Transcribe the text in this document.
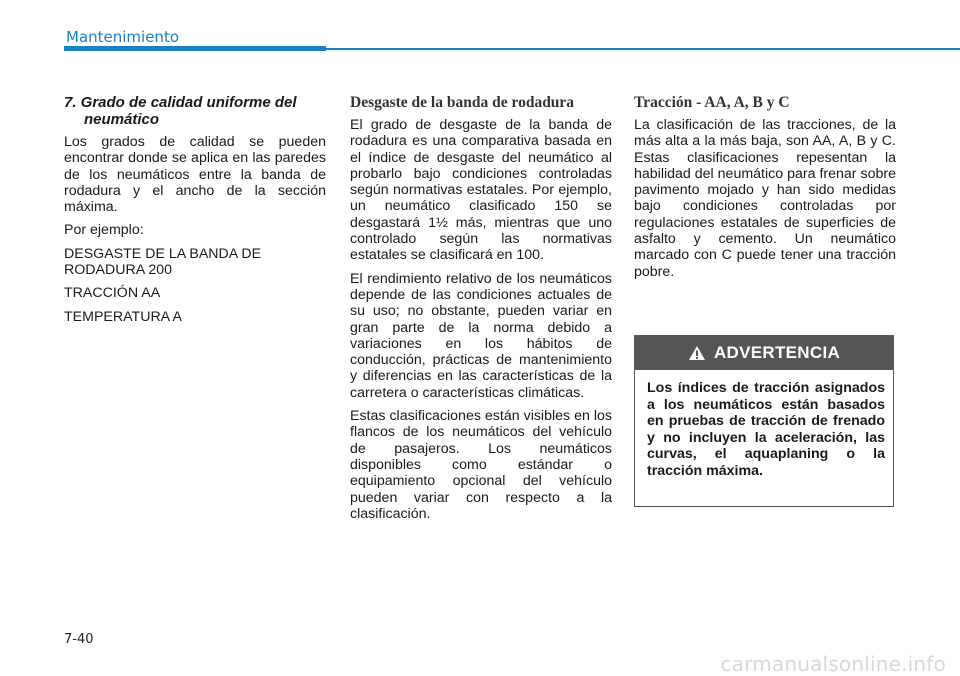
Mantenimiento
7. Grado de calidad uniforme del neumático

Los grados de calidad se pueden encontrar donde se aplica en las paredes de los neumáticos entre la banda de rodadura y el ancho de la sección máxima.

Por ejemplo:

DESGASTE DE LA BANDA DE RODADURA 200

TRACCIÓN AA

TEMPERATURA A

Desgaste de la banda de rodadura

El grado de desgaste de la banda de rodadura es una comparativa basada en el índice de desgaste del neumático al probarlo bajo condiciones controladas según normativas estatales. Por ejemplo, un neumático clasificado 150 se desgastará 1½ más, mientras que uno controlado según las normativas estatales se clasificará en 100.

El rendimiento relativo de los neumáticos depende de las condiciones actuales de su uso; no obstante, pueden variar en gran parte de la norma debido a variaciones en los hábitos de conducción, prácticas de mantenimiento y diferencias en las características de la carretera o características climáticas.

Estas clasificaciones están visibles en los flancos de los neumáticos del vehículo de pasajeros. Los neumáticos disponibles como estándar o equipamiento opcional del vehículo pueden variar con respecto a la clasificación.

Tracción - AA, A, B y C

La clasificación de las tracciones, de la más alta a la más baja, son AA, A, B y C. Estas clasificaciones repesentan la habilidad del neumático para frenar sobre pavimento mojado y han sido medidas bajo condiciones controladas por regulaciones estatales de superficies de asfalto y cemento. Un neumático marcado con C puede tener una tracción pobre.

ADVERTENCIA
Los índices de tracción asignados a los neumáticos están basados en pruebas de tracción de frenado y no incluyen la aceleración, las curvas, el aquaplaning o la tracción máxima.
7-40
carmanualsonline.info
